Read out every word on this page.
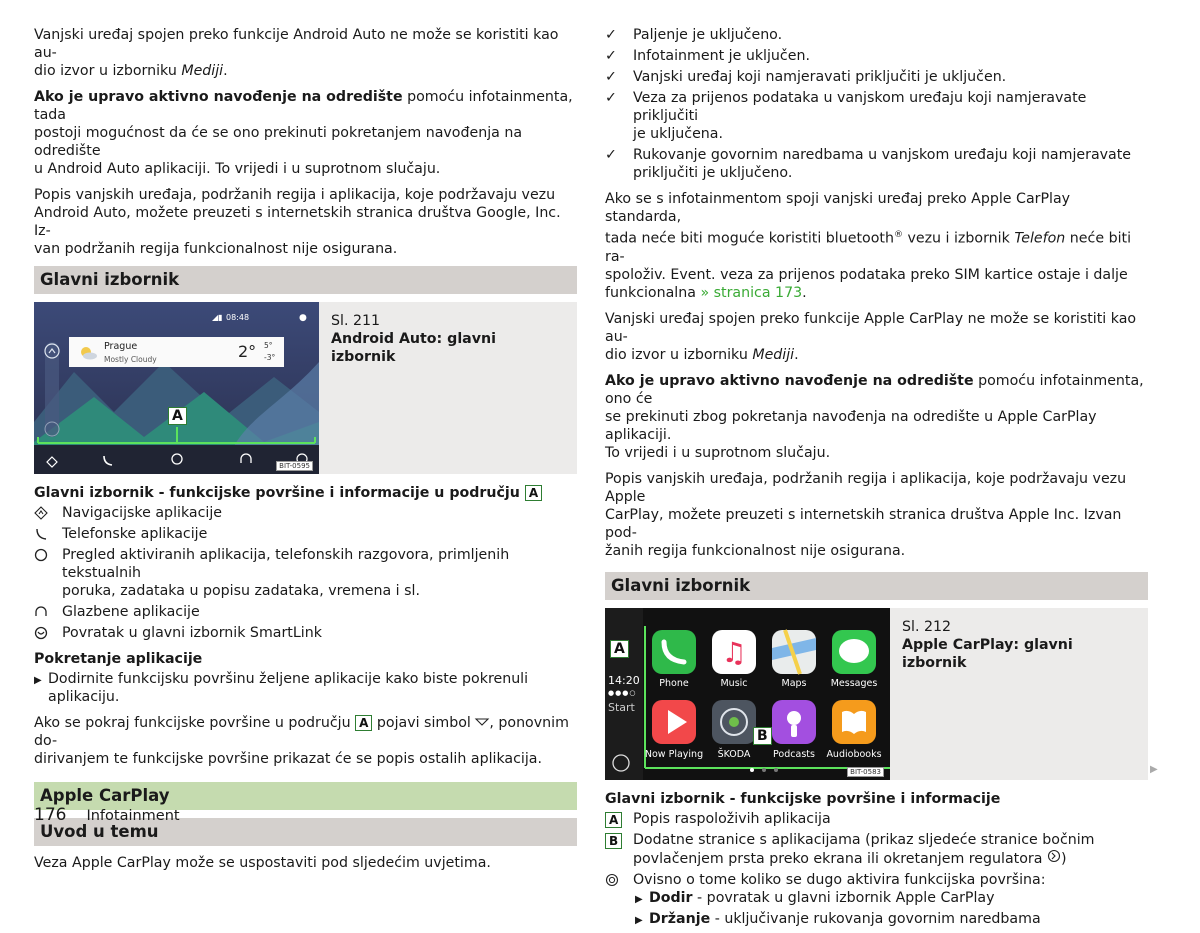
Vanjski uređaj spojen preko funkcije Android Auto ne može se koristiti kao au-
dio izvor u izborniku Mediji.

Ako je upravo aktivno navođenje na odredište pomoću infotainmenta, tada
postoji mogućnost da će se ono prekinuti pokretanjem navođenja na odredište
u Android Auto aplikaciji. To vrijedi i u suprotnom slučaju.

Popis vanjskih uređaja, podržanih regija i aplikacija, koje podržavaju vezu
Android Auto, možete preuzeti s internetskih stranica društva Google, Inc. Iz-
van podržanih regija funkcionalnost nije osigurana.

Glavni izbornik
08:48	●
◢▮
Prague
Mostly Cloudy	2° 5°
-3°
A
BIT-0595
Sl. 211
Android Auto: glavni izbornik
Glavni izbornik - funkcijske površine i informacije u području A
Navigacijske aplikacije
Telefonske aplikacije
Pregled aktiviranih aplikacija, telefonskih razgovora, primljenih tekstualnih
poruka, zadataka u popisu zadataka, vremena i sl.
Glazbene aplikacije
Povratak u glavni izbornik SmartLink
Pokretanje aplikacije
▶ Dodirnite funkcijsku površinu željene aplikacije kako biste pokrenuli
aplikaciju.

Ako se pokraj funkcijske površine u području A pojavi simbol , ponovnim do-
dirivanjem te funkcijske površine prikazat će se popis ostalih aplikacija.

Apple CarPlay
Uvod u temu

Veza Apple CarPlay može se uspostaviti pod sljedećim uvjetima.

✓	Paljenje je uključeno.
✓	Infotainment je uključen.
✓	Vanjski uređaj koji namjeravati priključiti je uključen.
✓	Veza za prijenos podataka u vanjskom uređaju koji namjeravate priključiti
je uključena.
✓	Rukovanje govornim naredbama u vanjskom uređaju koji namjeravate
priključiti je uključeno.

Ako se s infotainmentom spoji vanjski uređaj preko Apple CarPlay standarda,
tada neće biti moguće koristiti bluetooth® vezu i izbornik Telefon neće biti ra-
spoloživ. Event. veza za prijenos podataka preko SIM kartice ostaje i dalje
funkcionalna » stranica 173.

Vanjski uređaj spojen preko funkcije Apple CarPlay ne može se koristiti kao au-
dio izvor u izborniku Mediji.

Ako je upravo aktivno navođenje na odredište pomoću infotainmenta, ono će
se prekinuti zbog pokretanja navođenja na odredište u Apple CarPlay aplikaciji.
To vrijedi i u suprotnom slučaju.

Popis vanjskih uređaja, podržanih regija i aplikacija, koje podržavaju vezu Apple
CarPlay, možete preuzeti s internetskih stranica društva Apple Inc. Izvan pod-
žanih regija funkcionalnost nije osigurana.

Glavni izbornik
♫
14:20
●●●○
Start
Phone	Music	Maps	Messages
Now Playing	ŠKODA	Podcasts	Audiobooks
A
B
BIT-0583
Sl. 212
Apple CarPlay: glavni izbornik
Glavni izbornik - funkcijske površine i informacije
A Popis raspoloživih aplikacija
B Dodatne stranice s aplikacijama (prikaz sljedeće stranice bočnim
povlačenjem prsta preko ekrana ili okretanjem regulatora )
Ovisno o tome koliko se dugo aktivira funkcijska površina:
▶ Dodir - povratak u glavni izbornik Apple CarPlay
▶ Držanje - uključivanje rukovanja govornim naredbama
▶
176 Infotainment
